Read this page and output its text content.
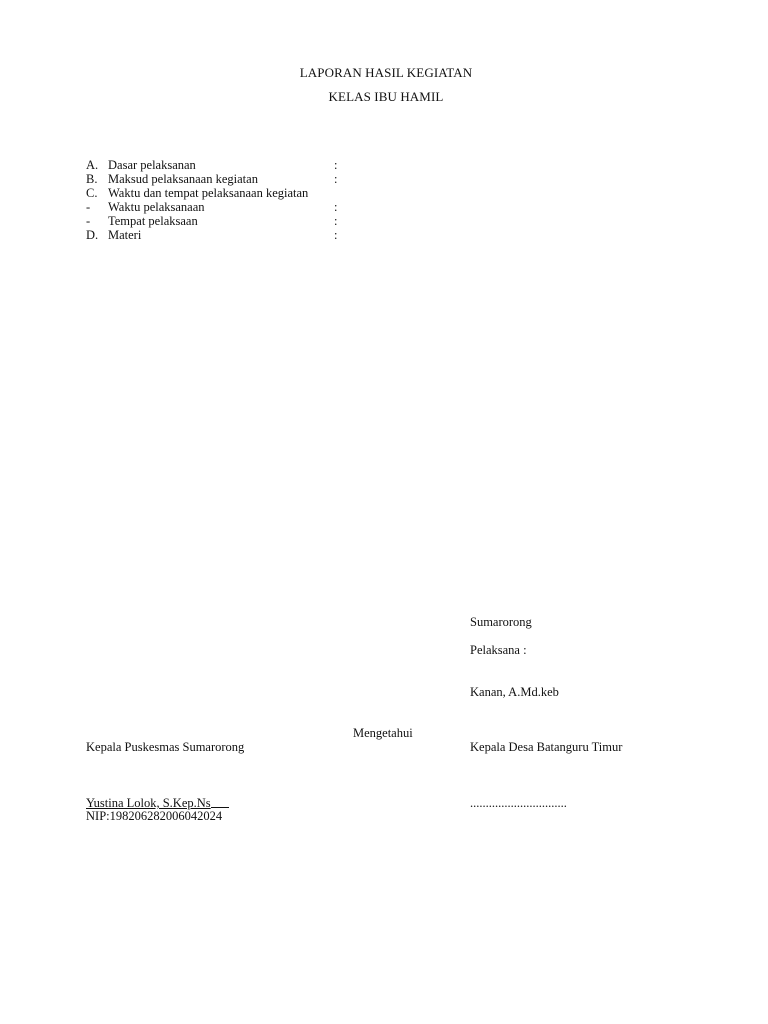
LAPORAN HASIL KEGIATAN
KELAS IBU HAMIL
A. Dasar pelaksanan	:
B. Maksud pelaksanaan kegiatan	:
C. Waktu dan tempat pelaksanaan kegiatan
- Waktu pelaksanaan	:
- Tempat pelaksaan	:
D. Materi	:
Sumarorong
Pelaksana :
Kanan, A.Md.keb
Mengetahui
Kepala Puskesmas Sumarorong	Kepala Desa Batanguru Timur
Yustina Lolok, S.Kep.Ns	...............................
NIP:198206282006042024
